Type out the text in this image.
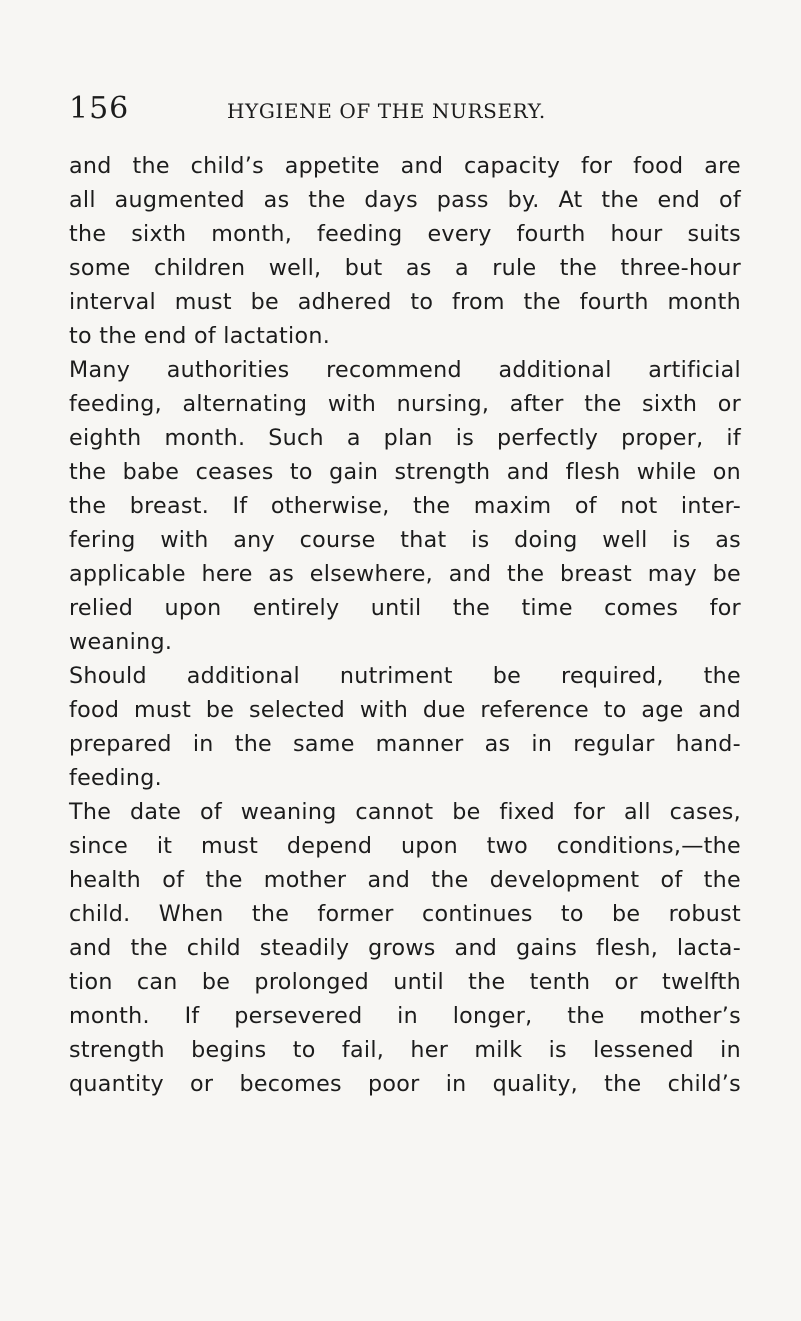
156	HYGIENE OF THE NURSERY.
and the child’s appetite and capacity for food are
all augmented as the days pass by. At the end of
the sixth month, feeding every fourth hour suits
some children well, but as a rule the three-hour
interval must be adhered to from the fourth month
to the end of lactation.
Many authorities recommend additional artificial
feeding, alternating with nursing, after the sixth or
eighth month. Such a plan is perfectly proper, if
the babe ceases to gain strength and flesh while on
the breast. If otherwise, the maxim of not inter-
fering with any course that is doing well is as
applicable here as elsewhere, and the breast may be
relied upon entirely until the time comes for
weaning.
Should additional nutriment be required, the
food must be selected with due reference to age and
prepared in the same manner as in regular hand-
feeding.
The date of weaning cannot be fixed for all cases,
since it must depend upon two conditions,—the
health of the mother and the development of the
child. When the former continues to be robust
and the child steadily grows and gains flesh, lacta-
tion can be prolonged until the tenth or twelfth
month. If persevered in longer, the mother’s
strength begins to fail, her milk is lessened in
quantity or becomes poor in quality, the child’s
